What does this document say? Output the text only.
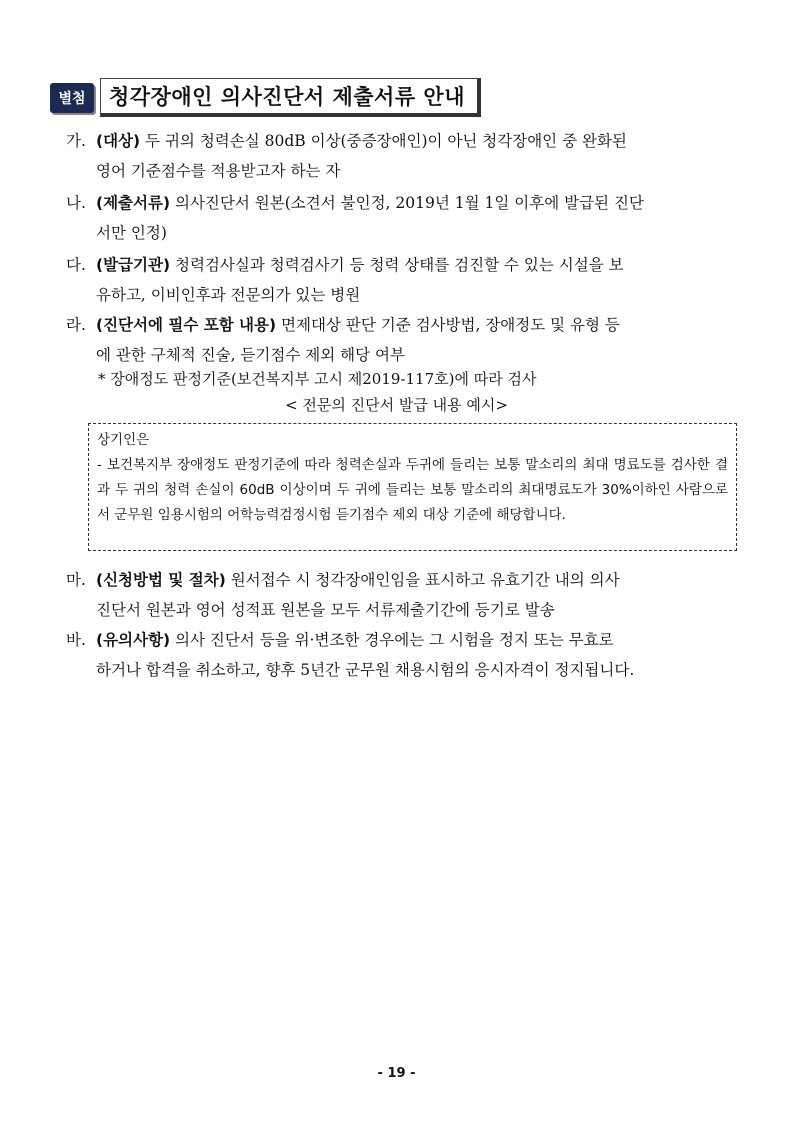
별첨	청각장애인 의사진단서 제출서류 안내
가. (대상) 두 귀의 청력손실 80dB 이상(중증장애인)이 아닌 청각장애인 중 완화된
영어 기준점수를 적용받고자 하는 자
나. (제출서류) 의사진단서 원본(소견서 불인정, 2019년 1월 1일 이후에 발급된 진단
서만 인정)
다. (발급기관) 청력검사실과 청력검사기 등 청력 상태를 검진할 수 있는 시설을 보
유하고, 이비인후과 전문의가 있는 병원
라. (진단서에 필수 포함 내용) 면제대상 판단 기준 검사방법, 장애정도 및 유형 등
에 관한 구체적 진술, 듣기점수 제외 해당 여부
* 장애정도 판정기준(보건복지부 고시 제2019-117호)에 따라 검사
< 전문의 진단서 발급 내용 예시>

상기인은

- 보건복지부 장애정도 판정기준에 따라 청력손실과 두귀에 들리는 보통 말소리의 최대 명료도를 검사한 결과 두 귀의 청력 손실이 60dB 이상이며 두 귀에 들리는 보통 말소리의 최대명료도가 30%이하인 사람으로서 군무원 임용시험의 어학능력검정시험 듣기점수 제외 대상 기준에 해당합니다.

마. (신청방법 및 절차) 원서접수 시 청각장애인임을 표시하고 유효기간 내의 의사
진단서 원본과 영어 성적표 원본을 모두 서류제출기간에 등기로 발송
바. (유의사항) 의사 진단서 등을 위·변조한 경우에는 그 시험을 정지 또는 무효로
하거나 합격을 취소하고, 향후 5년간 군무원 채용시험의 응시자격이 정지됩니다.
- 19 -
